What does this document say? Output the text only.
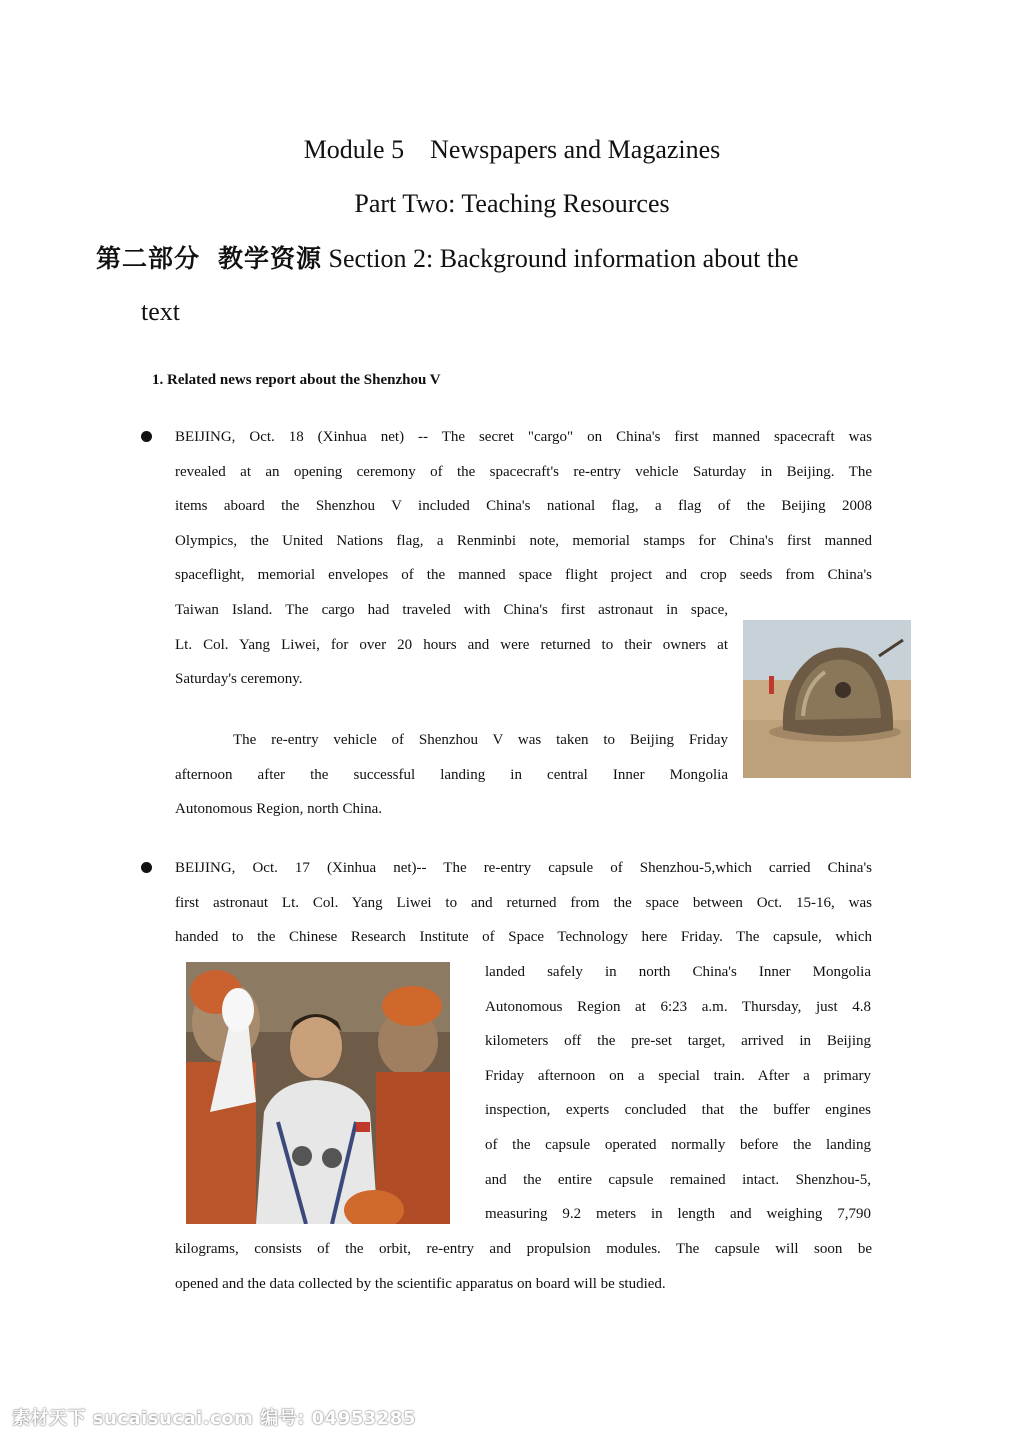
Module 5    Newspapers and Magazines
Part Two: Teaching Resources
第二部分 教学资源 Section 2: Background information about the
text
1. Related news report about the Shenzhou V
BEIJING, Oct. 18 (Xinhua net) -- The secret "cargo" on China's first manned spacecraft was
revealed at an opening ceremony of the spacecraft's re-entry vehicle Saturday in Beijing. The
items aboard the Shenzhou V included China's national flag, a flag of the Beijing 2008
Olympics, the United Nations flag, a Renminbi note, memorial stamps for China's first manned
spaceflight, memorial envelopes of the manned space flight project and crop seeds from China's
Taiwan Island. The cargo had traveled with China's first astronaut in space,
Lt. Col. Yang Liwei, for over 20 hours and were returned to their owners at
Saturday's ceremony.
The re-entry vehicle of Shenzhou V was taken to Beijing Friday
afternoon after the successful landing in central Inner Mongolia
Autonomous Region, north China.
BEIJING, Oct. 17 (Xinhua net)-- The re-entry capsule of Shenzhou-5,which carried China's
first astronaut Lt. Col. Yang Liwei to and returned from the space between Oct. 15-16, was
handed to the Chinese Research Institute of Space Technology here Friday. The capsule, which
landed safely in north China's Inner Mongolia
Autonomous Region at 6:23 a.m. Thursday, just 4.8
kilometers off the pre-set target, arrived in Beijing
Friday afternoon on a special train. After a primary
inspection, experts concluded that the buffer engines
of the capsule operated normally before the landing
and the entire capsule remained intact. Shenzhou-5,
measuring 9.2 meters in length and weighing 7,790
kilograms, consists of the orbit, re-entry and propulsion modules. The capsule will soon be
opened and the data collected by the scientific apparatus on board will be studied.
素材天下 sucaisucai.com 编号: 04953285
